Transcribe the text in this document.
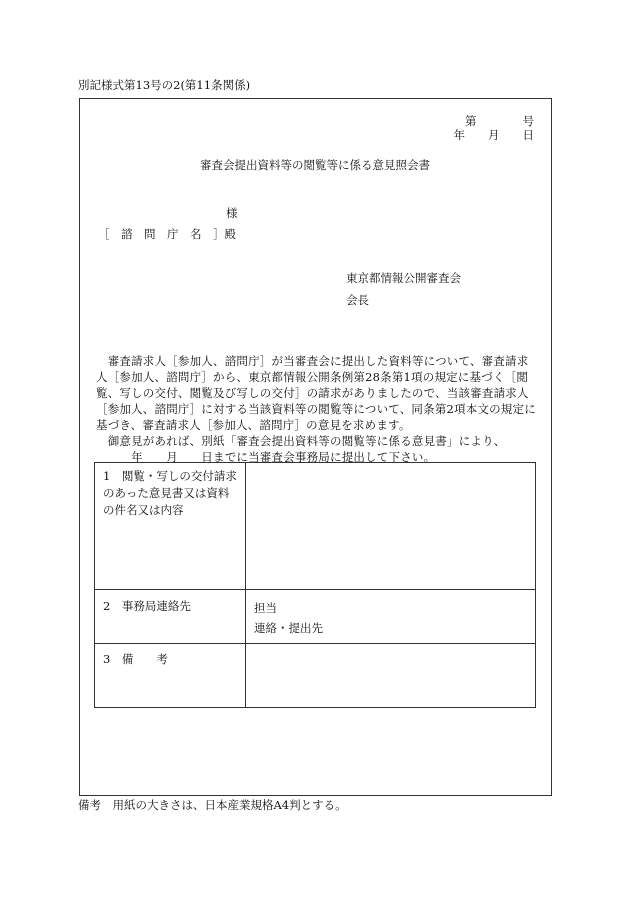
別記様式第13号の2(第11条関係)
第　　　　号
年　　月　　日
審査会提出資料等の閲覧等に係る意見照会書
様
［　諮　問　庁　名　］殿
東京都情報公開審査会
会長
　審査請求人［参加人、諮問庁］が当審査会に提出した資料等について、審査請求
人［参加人、諮問庁］から、東京都情報公開条例第28条第1項の規定に基づく［閲
覧、写しの交付、閲覧及び写しの交付］の請求がありましたので、当該審査請求人
［参加人、諮問庁］に対する当該資料等の閲覧等について、同条第2項本文の規定に
基づき、審査請求人［参加人、諮問庁］の意見を求めます。
　御意見があれば、別紙「審査会提出資料等の閲覧等に係る意見書」により、
　　　年　　月　　日までに当審査会事務局に提出して下さい。
1　閲覧・写しの交付請求
のあった意見書又は資料
の件名又は内容	

2　事務局連絡先	担当
連絡・提出先

3　備　　考	

備考　用紙の大きさは、日本産業規格A4判とする。
